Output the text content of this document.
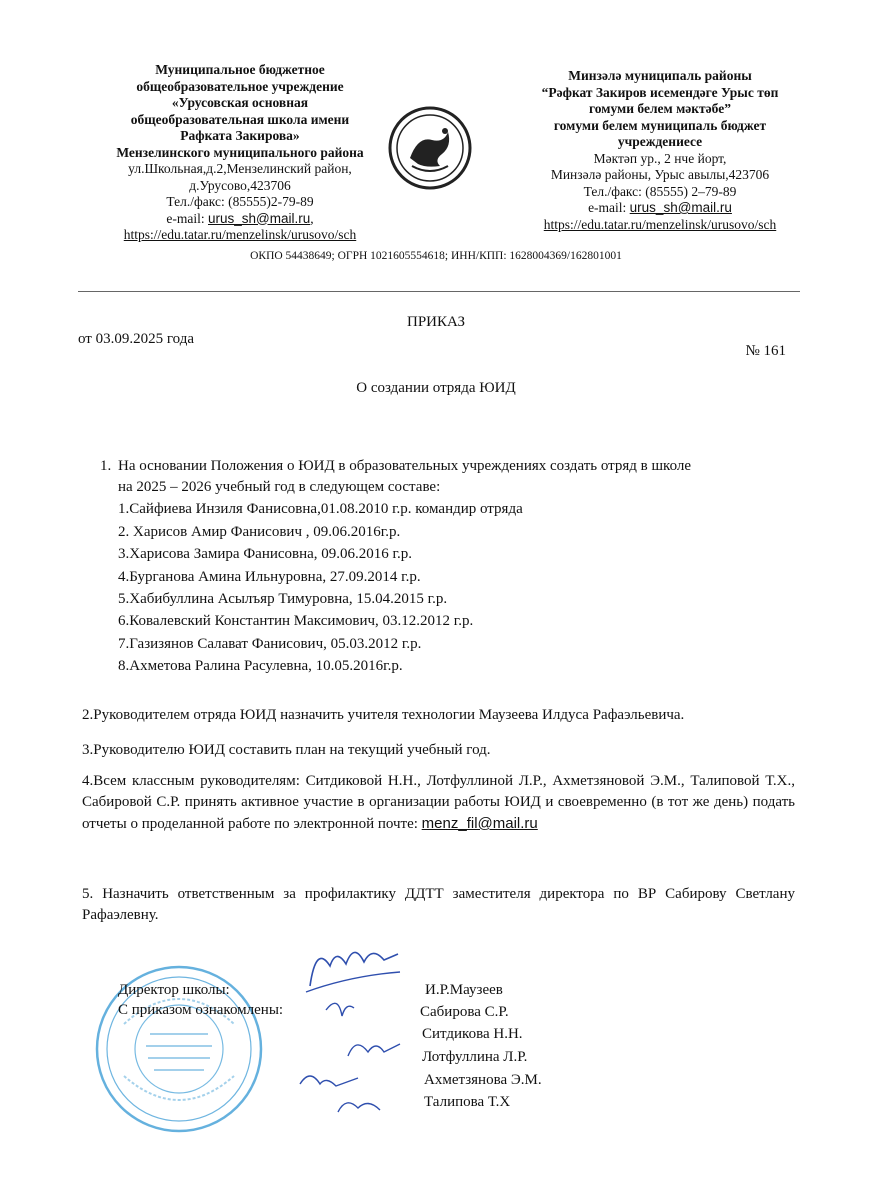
Муниципальное бюджетное
общеобразовательное учреждение
«Урусовская основная
общеобразовательная школа имени
Рафката Закирова»
Мензелинского муниципального района
ул.Школьная,д.2,Мензелинский район,
д.Урусово,423706
Тел./факс: (85555)2-79-89
e-mail: urus_sh@mail.ru,
https://edu.tatar.ru/menzelinsk/urusovo/sch
Минзәлә муниципаль районы
“Рәфкат Закиров исемендәге Урыс төп
гомуми белем мәктәбе”
гомуми белем муниципаль бюджет
учреждениесе
Мәктәп ур., 2 нче йорт,
Минзәлә районы, Урыс авылы,423706
Тел./факс: (85555) 2–79-89
e-mail: urus_sh@mail.ru
https://edu.tatar.ru/menzelinsk/urusovo/sch
ОКПО 54438649; ОГРН 1021605554618; ИНН/КПП: 1628004369/162801001
ПРИКАЗ
от 03.09.2025 года
№ 161
О создании отряда ЮИД
1. На основании Положения о ЮИД в образовательных учреждениях создать отряд в школе
на 2025 – 2026 учебный год в следующем составе:
1.Сайфиева Инзиля Фанисовна,01.08.2010 г.р. командир отряда
2. Харисов Амир Фанисович , 09.06.2016г.р.
3.Харисова Замира Фанисовна, 09.06.2016 г.р.
4.Бурганова Амина Ильнуровна, 27.09.2014 г.р.
5.Хабибуллина Асылъяр Тимуровна, 15.04.2015 г.р.
6.Ковалевский Константин Максимович, 03.12.2012 г.р.
7.Газизянов Салават Фанисович, 05.03.2012 г.р.
8.Ахметова Ралина Расулевна, 10.05.2016г.р.
2.Руководителем отряда ЮИД назначить учителя технологии Маузеева Илдуса Рафаэльевича.
3.Руководителю ЮИД составить план на текущий учебный год.
4.Всем классным руководителям: Ситдиковой Н.Н., Лотфуллиной Л.Р., Ахметзяновой Э.М., Талиповой Т.Х., Сабировой С.Р. принять активное участие в организации работы ЮИД и своевременно (в тот же день) подать отчеты о проделанной работе по электронной почте: menz_fil@mail.ru
5. Назначить ответственным за профилактику ДДТТ заместителя директора по ВР Сабирову Светлану Рафаэлевну.
Директор школы:	И.Р.Маузеев
С приказом ознакомлены:	Сабирова С.Р.
Ситдикова Н.Н.
Лотфуллина Л.Р.
Ахметзянова Э.М.
Талипова Т.Х
